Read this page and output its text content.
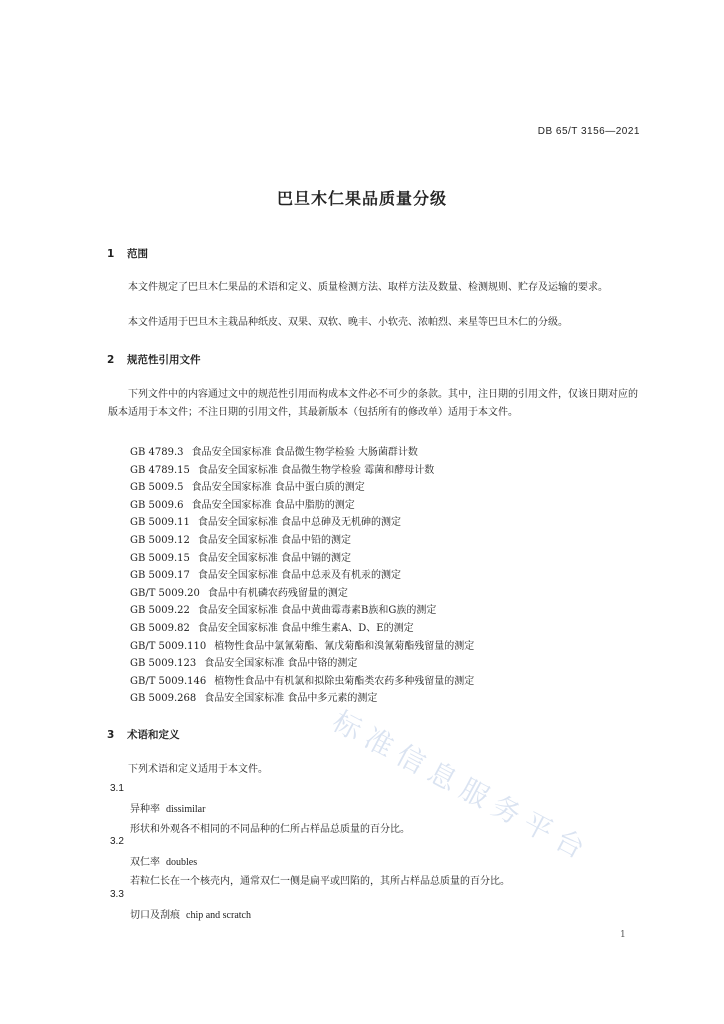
DB 65/T 3156—2021
巴旦木仁果品质量分级
1 范围
本文件规定了巴旦木仁果品的术语和定义、质量检测方法、取样方法及数量、检测规则、贮存及运输的要求。
本文件适用于巴旦木主栽品种纸皮、双果、双软、晚丰、小软壳、浓帕烈、来星等巴旦木仁的分级。
2 规范性引用文件
下列文件中的内容通过文中的规范性引用而构成本文件必不可少的条款。其中，注日期的引用文件，仅该日期对应的版本适用于本文件；不注日期的引用文件，其最新版本（包括所有的修改单）适用于本文件。
GB 4789.3 食品安全国家标准 食品微生物学检验 大肠菌群计数
GB 4789.15 食品安全国家标准 食品微生物学检验 霉菌和酵母计数
GB 5009.5 食品安全国家标准 食品中蛋白质的测定
GB 5009.6 食品安全国家标准 食品中脂肪的测定
GB 5009.11 食品安全国家标准 食品中总砷及无机砷的测定
GB 5009.12 食品安全国家标准 食品中铅的测定
GB 5009.15 食品安全国家标准 食品中镉的测定
GB 5009.17 食品安全国家标准 食品中总汞及有机汞的测定
GB/T 5009.20 食品中有机磷农药残留量的测定
GB 5009.22 食品安全国家标准 食品中黄曲霉毒素B族和G族的测定
GB 5009.82 食品安全国家标准 食品中维生素A、D、E的测定
GB/T 5009.110 植物性食品中氯氰菊酯、氰戊菊酯和溴氰菊酯残留量的测定
GB 5009.123 食品安全国家标准 食品中铬的测定
GB/T 5009.146 植物性食品中有机氯和拟除虫菊酯类农药多种残留量的测定
GB 5009.268 食品安全国家标准 食品中多元素的测定
3 术语和定义
下列术语和定义适用于本文件。
3.1
异种率 dissimilar
形状和外观各不相同的不同品种的仁所占样品总质量的百分比。
3.2
双仁率 doubles
若粒仁长在一个核壳内，通常双仁一侧是扁平或凹陷的，其所占样品总质量的百分比。
3.3
切口及刮痕 chip and scratch
1
标准信息服务平台
